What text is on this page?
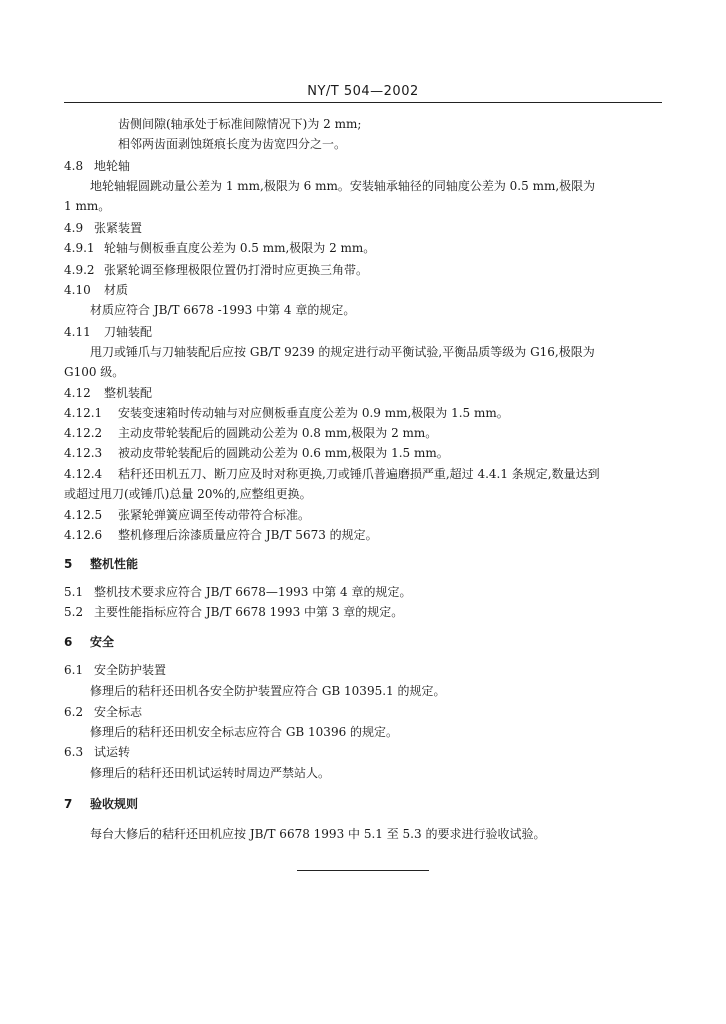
NY/T 504—2002
齿侧间隙(轴承处于标准间隙情况下)为 2 mm;
相邻两齿面剥蚀斑痕长度为齿宽四分之一。
4.8 地轮轴
地轮轴辊圆跳动量公差为 1 mm,极限为 6 mm。安装轴承轴径的同轴度公差为 0.5 mm,极限为
1 mm。
4.9 张紧装置
4.9.1 轮轴与侧板垂直度公差为 0.5 mm,极限为 2 mm。
4.9.2 张紧轮调至修理极限位置仍打滑时应更换三角带。
4.10 材质
材质应符合 JB/T 6678 -1993 中第 4 章的规定。
4.11 刀轴装配
甩刀或锤爪与刀轴装配后应按 GB/T 9239 的规定进行动平衡试验,平衡品质等级为 G16,极限为
G100 级。
4.12 整机装配
4.12.1 安装变速箱时传动轴与对应侧板垂直度公差为 0.9 mm,极限为 1.5 mm。
4.12.2 主动皮带轮装配后的圆跳动公差为 0.8 mm,极限为 2 mm。
4.12.3 被动皮带轮装配后的圆跳动公差为 0.6 mm,极限为 1.5 mm。
4.12.4 秸秆还田机五刀、断刀应及时对称更换,刀或锤爪普遍磨损严重,超过 4.4.1 条规定,数量达到
或超过甩刀(或锤爪)总量 20%的,应整组更换。
4.12.5 张紧轮弹簧应调至传动带符合标准。
4.12.6 整机修理后涂漆质量应符合 JB/T 5673 的规定。
5 整机性能
5.1 整机技术要求应符合 JB/T 6678—1993 中第 4 章的规定。
5.2 主要性能指标应符合 JB/T 6678 1993 中第 3 章的规定。
6 安全
6.1 安全防护装置
修理后的秸秆还田机各安全防护装置应符合 GB 10395.1 的规定。
6.2 安全标志
修理后的秸秆还田机安全标志应符合 GB 10396 的规定。
6.3 试运转
修理后的秸秆还田机试运转时周边严禁站人。
7 验收规则
每台大修后的秸秆还田机应按 JB/T 6678 1993 中 5.1 至 5.3 的要求进行验收试验。
